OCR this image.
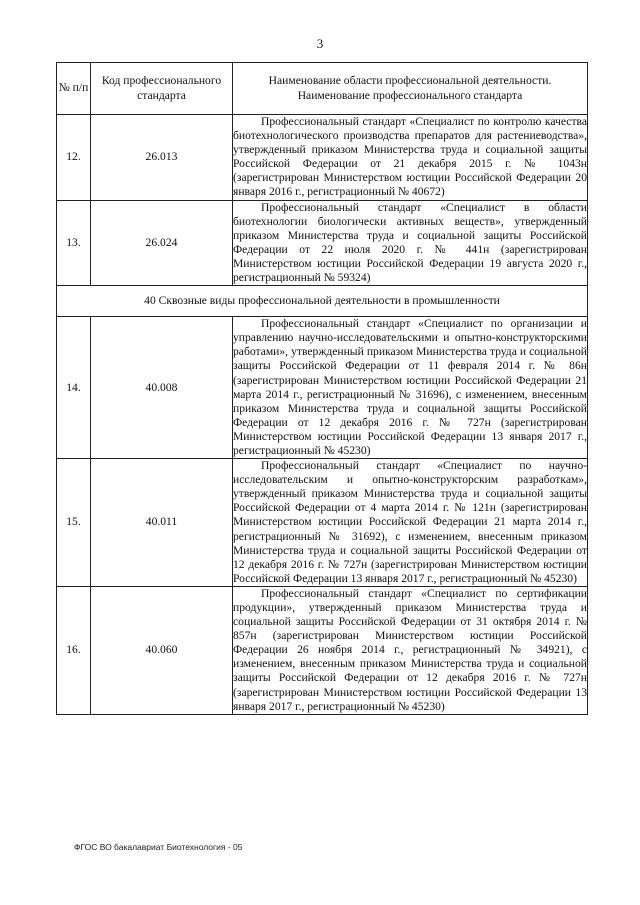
3
№ п/п	Код профессионального стандарта	Наименование области профессиональной деятельности. Наименование профессионального стандарта
12.	26.013	Профессиональный стандарт «Специалист по контролю качества биотехнологического производства препаратов для растениеводства», утвержденный приказом Министерства труда и социальной защиты Российской Федерации от 21 декабря 2015 г. № 1043н (зарегистрирован Министерством юстиции Российской Федерации 20 января 2016 г., регистрационный № 40672)

13.	26.024	Профессиональный стандарт «Специалист в области биотехнологии биологически активных веществ», утвержденный приказом Министерства труда и социальной защиты Российской Федерации от 22 июля 2020 г. № 441н (зарегистрирован Министерством юстиции Российской Федерации 19 августа 2020 г., регистрационный № 59324)

40 Сквозные виды профессиональной деятельности в промышленности		
14.	40.008	Профессиональный стандарт «Специалист по организации и управлению научно-исследовательскими и опытно-конструкторскими работами», утвержденный приказом Министерства труда и социальной защиты Российской Федерации от 11 февраля 2014 г. № 86н (зарегистрирован Министерством юстиции Российской Федерации 21 марта 2014 г., регистрационный № 31696), с изменением, внесенным приказом Министерства труда и социальной защиты Российской Федерации от 12 декабря 2016 г. № 727н (зарегистрирован Министерством юстиции Российской Федерации 13 января 2017 г., регистрационный № 45230)

15.	40.011	Профессиональный стандарт «Специалист по научно-исследовательским и опытно-конструкторским разработкам», утвержденный приказом Министерства труда и социальной защиты Российской Федерации от 4 марта 2014 г. № 121н (зарегистрирован Министерством юстиции Российской Федерации 21 марта 2014 г., регистрационный № 31692), с изменением, внесенным приказом Министерства труда и социальной защиты Российской Федерации от 12 декабря 2016 г. № 727н (зарегистрирован Министерством юстиции Российской Федерации 13 января 2017 г., регистрационный № 45230)

16.	40.060	Профессиональный стандарт «Специалист по сертификации продукции», утвержденный приказом Министерства труда и социальной защиты Российской Федерации от 31 октября 2014 г. № 857н (зарегистрирован Министерством юстиции Российской Федерации 26 ноября 2014 г., регистрационный № 34921), с изменением, внесенным приказом Министерства труда и социальной защиты Российской Федерации от 12 декабря 2016 г. № 727н (зарегистрирован Министерством юстиции Российской Федерации 13 января 2017 г., регистрационный № 45230)
ФГОС ВО бакалавриат Биотехнология - 05
